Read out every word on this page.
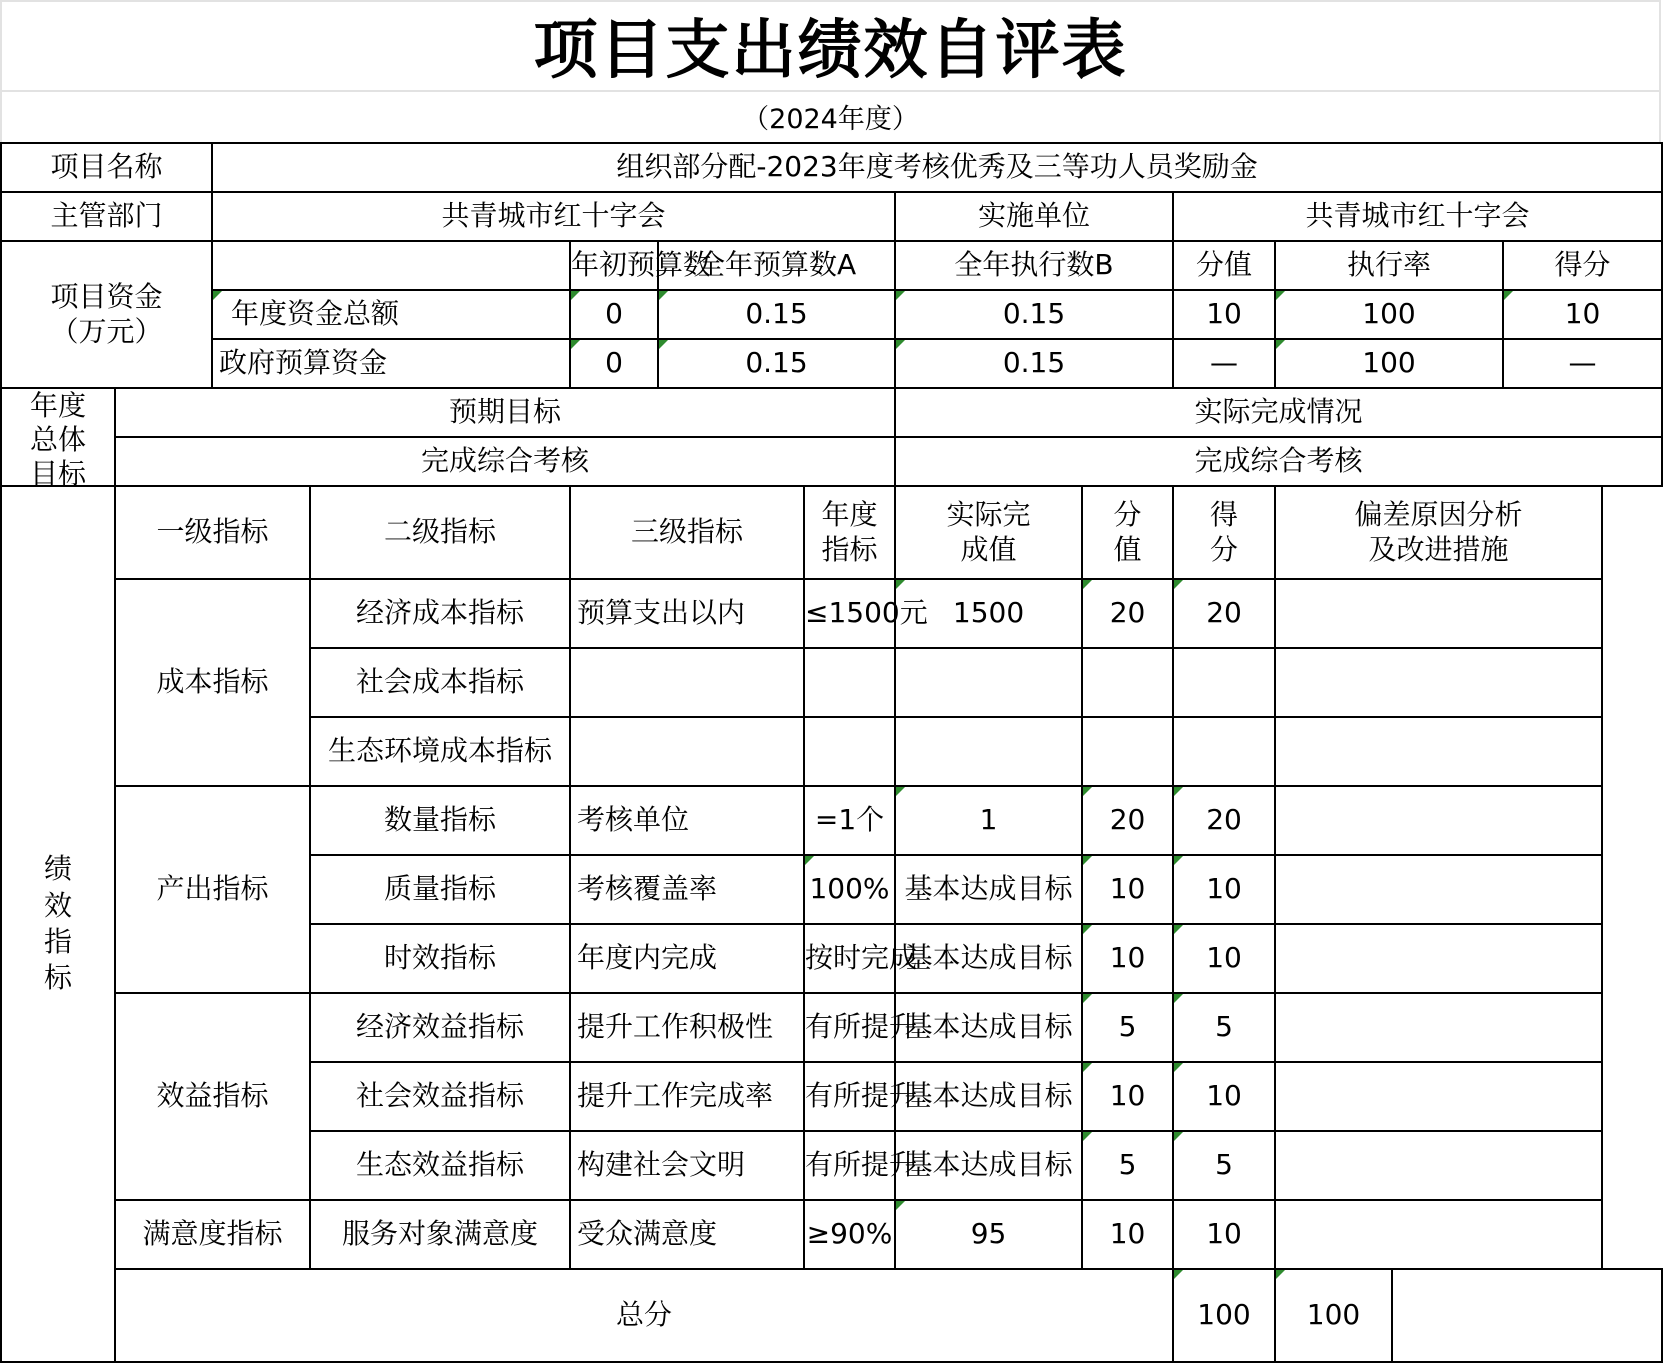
项目支出绩效自评表
（2024年度）
项目名称		组织部分配-2023年度考核优秀及三等功人员奖励金										
主管部门		共青城市红十字会					实施单位		共青城市红十字会			
项目资金（万元）				年初预算数	全年预算数A		全年执行数B		分值	执行率		得分
		年度资金总额		0	0.15		0.15		10	100		10
		政府预算资金		0	0.15		0.15		—	100		—

年度总体目标	预期目标						实际完成情况					
	完成综合考核						完成综合考核					
绩效指标	一级指标		二级指标	三级指标		年度指标	实际完成值	分值	得分	偏差原因分析及改进措施		
	成本指标		经济成本指标	预算支出以内		≤1500元	1500	20	20			
			社会成本指标									
			生态环境成本指标									
	产出指标		数量指标	考核单位		=1个	1	20	20			
			质量指标	考核覆盖率		100%	基本达成目标	10	10			
			时效指标	年度内完成		按时完成	基本达成目标	10	10			
	效益指标		经济效益指标	提升工作积极性		有所提升	基本达成目标	5	5			
			社会效益指标	提升工作完成率		有所提升	基本达成目标	10	10			
			生态效益指标	构建社会文明		有所提升	基本达成目标	5	5			
	满意度指标		服务对象满意度	受众满意度		≥90%	95	10	10			
	总分								100	100		
